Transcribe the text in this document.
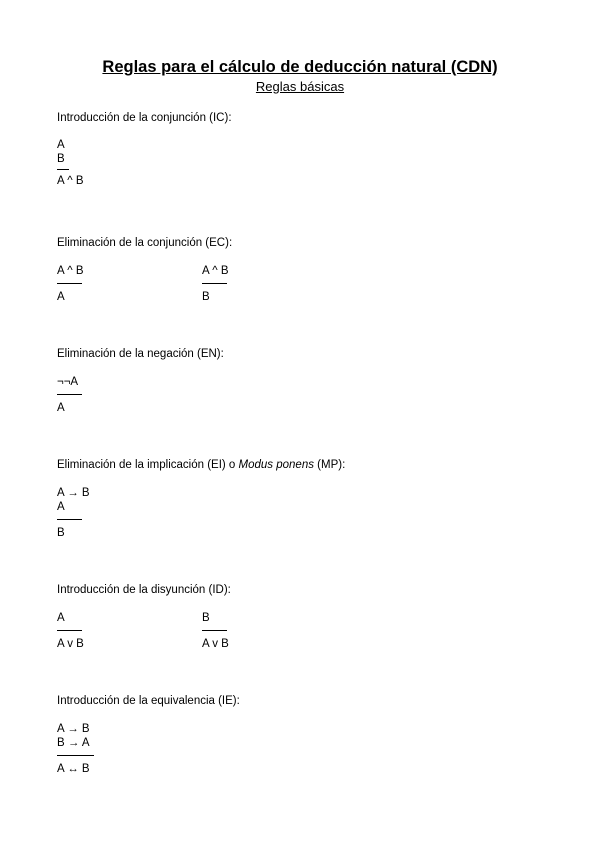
Reglas para el cálculo de deducción natural (CDN)
Reglas básicas
Introducción de la conjunción (IC):
A
B
A ^ B
Eliminación de la conjunción (EC):
A ^ B
A
A ^ B
B
Eliminación de la negación (EN):
¬¬A
A
Eliminación de la implicación (EI) o Modus ponens (MP):
A → B
A
B
Introducción de la disyunción (ID):
A
A v B
B
A v B
Introducción de la equivalencia (IE):
A → B
B → A
A ↔ B
